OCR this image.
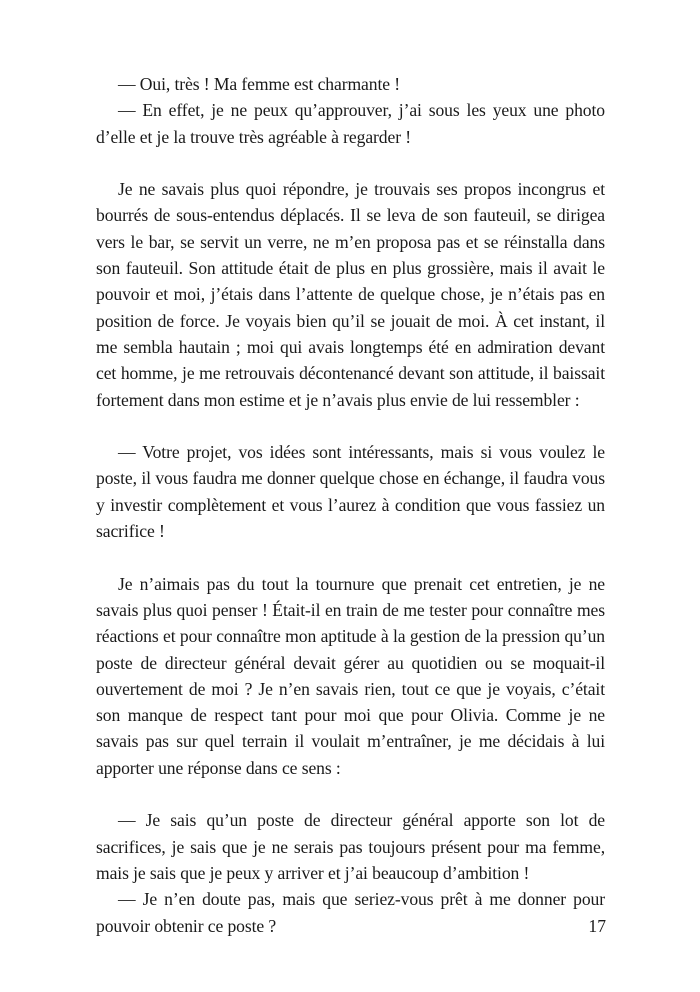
— Oui, très ! Ma femme est charmante !

— En effet, je ne peux qu’approuver, j’ai sous les yeux une photo d’elle et je la trouve très agréable à regarder !

Je ne savais plus quoi répondre, je trouvais ses propos incongrus et bourrés de sous-entendus déplacés. Il se leva de son fauteuil, se dirigea vers le bar, se servit un verre, ne m’en proposa pas et se réinstalla dans son fauteuil. Son attitude était de plus en plus grossière, mais il avait le pouvoir et moi, j’étais dans l’attente de quelque chose, je n’étais pas en position de force. Je voyais bien qu’il se jouait de moi. À cet instant, il me sembla hautain ; moi qui avais longtemps été en admiration devant cet homme, je me retrouvais décontenancé devant son attitude, il baissait fortement dans mon estime et je n’avais plus envie de lui ressembler :

— Votre projet, vos idées sont intéressants, mais si vous voulez le poste, il vous faudra me donner quelque chose en échange, il faudra vous y investir complètement et vous l’aurez à condition que vous fassiez un sacrifice !

Je n’aimais pas du tout la tournure que prenait cet entretien, je ne savais plus quoi penser ! Était-il en train de me tester pour connaître mes réactions et pour connaître mon aptitude à la gestion de la pression qu’un poste de directeur général devait gérer au quotidien ou se moquait-il ouvertement de moi ? Je n’en savais rien, tout ce que je voyais, c’était son manque de respect tant pour moi que pour Olivia. Comme je ne savais pas sur quel terrain il voulait m’entraîner, je me décidais à lui apporter une réponse dans ce sens :

— Je sais qu’un poste de directeur général apporte son lot de sacrifices, je sais que je ne serais pas toujours présent pour ma femme, mais je sais que je peux y arriver et j’ai beaucoup d’ambition !

— Je n’en doute pas, mais que seriez-vous prêt à me donner pour pouvoir obtenir ce poste ?	17
